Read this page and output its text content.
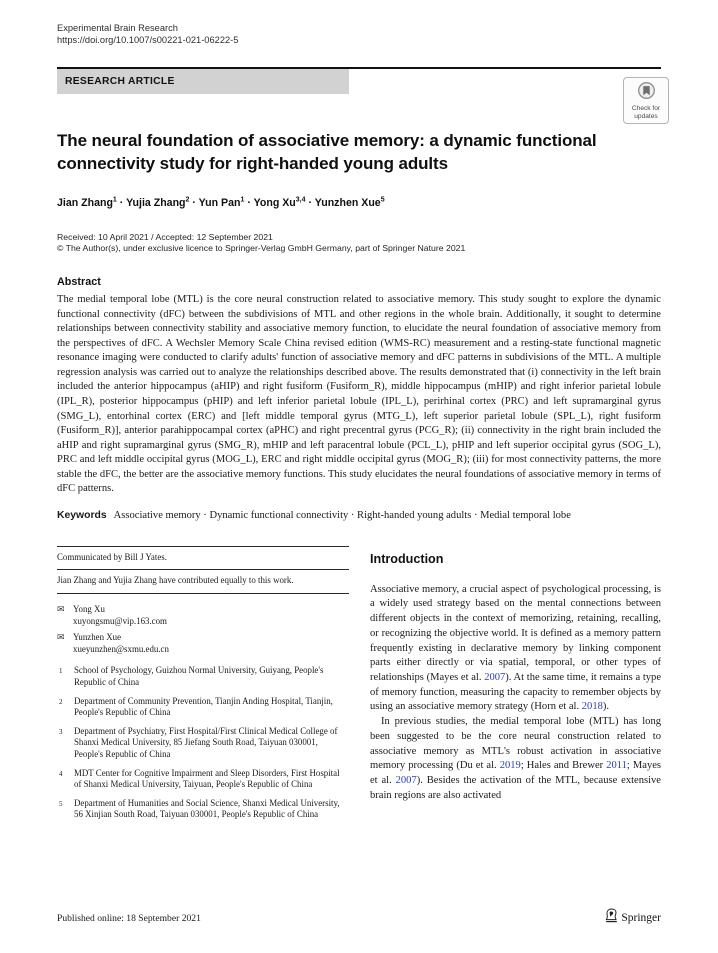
Experimental Brain Research
https://doi.org/10.1007/s00221-021-06222-5
RESEARCH ARTICLE
Check for
updates
The neural foundation of associative memory: a dynamic functional connectivity study for right-handed young adults
Jian Zhang$^1$ · Yujia Zhang$^2$ · Yun Pan$^1$ · Yong Xu$^{3,4}$ · Yunzhen Xue$^5$
Received: 10 April 2021 / Accepted: 12 September 2021
© The Author(s), under exclusive licence to Springer-Verlag GmbH Germany, part of Springer Nature 2021
Abstract
The medial temporal lobe (MTL) is the core neural construction related to associative memory. This study sought to explore the dynamic functional connectivity (dFC) between the subdivisions of MTL and other regions in the whole brain. Additionally, it sought to determine relationships between connectivity stability and associative memory function, to elucidate the neural foundation of associative memory from the perspectives of dFC. A Wechsler Memory Scale China revised edition (WMS-RC) measurement and a resting-state functional magnetic resonance imaging were conducted to clarify adults' function of associative memory and dFC patterns in subdivisions of the MTL. A multiple regression analysis was carried out to analyze the relationships described above. The results demonstrated that (i) connectivity in the left brain included the anterior hippocampus (aHIP) and right fusiform (Fusiform_R), middle hippocampus (mHIP) and right inferior parietal lobule (IPL_R), posterior hippocampus (pHIP) and left inferior parietal lobule (IPL_L), perirhinal cortex (PRC) and left supramarginal gyrus (SMG_L), entorhinal cortex (ERC) and [left middle temporal gyrus (MTG_L), left superior parietal lobule (SPL_L), right fusiform (Fusiform_R)], anterior parahippocampal cortex (aPHC) and right precentral gyrus (PCG_R); (ii) connectivity in the right brain included the aHIP and right supramarginal gyrus (SMG_R), mHIP and left paracentral lobule (PCL_L), pHIP and left superior occipital gyrus (SOG_L), PRC and left middle occipital gyrus (MOG_L), ERC and right middle occipital gyrus (MOG_R); (iii) for most connectivity patterns, the more stable the dFC, the better are the associative memory functions. This study elucidates the neural foundations of associative memory in terms of dFC patterns.
Keywords Associative memory · Dynamic functional connectivity · Right-handed young adults · Medial temporal lobe
Communicated by Bill J Yates.
Jian Zhang and Yujia Zhang have contributed equally to this work.
✉ Yong Xu
xuyongsmu@vip.163.com
✉ Yunzhen Xue
xueyunzhen@sxmu.edu.cn
1	School of Psychology, Guizhou Normal University, Guiyang, People's Republic of China
2	Department of Community Prevention, Tianjin Anding Hospital, Tianjin, People's Republic of China
3	Department of Psychiatry, First Hospital/First Clinical Medical College of Shanxi Medical University, 85 Jiefang South Road, Taiyuan 030001, People's Republic of China
4	MDT Center for Cognitive Impairment and Sleep Disorders, First Hospital of Shanxi Medical University, Taiyuan, People's Republic of China
5	Department of Humanities and Social Science, Shanxi Medical University, 56 Xinjian South Road, Taiyuan 030001, People's Republic of China
Introduction

Associative memory, a crucial aspect of psychological processing, is a widely used strategy based on the mental connections between different objects in the context of memorizing, retaining, recalling, or recognizing the objective world. It is defined as a memory pattern frequently existing in declarative memory by linking component parts either directly or via spatial, temporal, or other types of relationships (Mayes et al. 2007). At the same time, it remains a type of memory function, measuring the capacity to remember objects by using an associative memory strategy (Horn et al. 2018).

In previous studies, the medial temporal lobe (MTL) has long been suggested to be the core neural construction related to associative memory as MTL's robust activation in associative memory processing (Du et al. 2019; Hales and Brewer 2011; Mayes et al. 2007). Besides the activation of the MTL, because extensive brain regions are also activated

Published online: 18 September 2021	Springer
